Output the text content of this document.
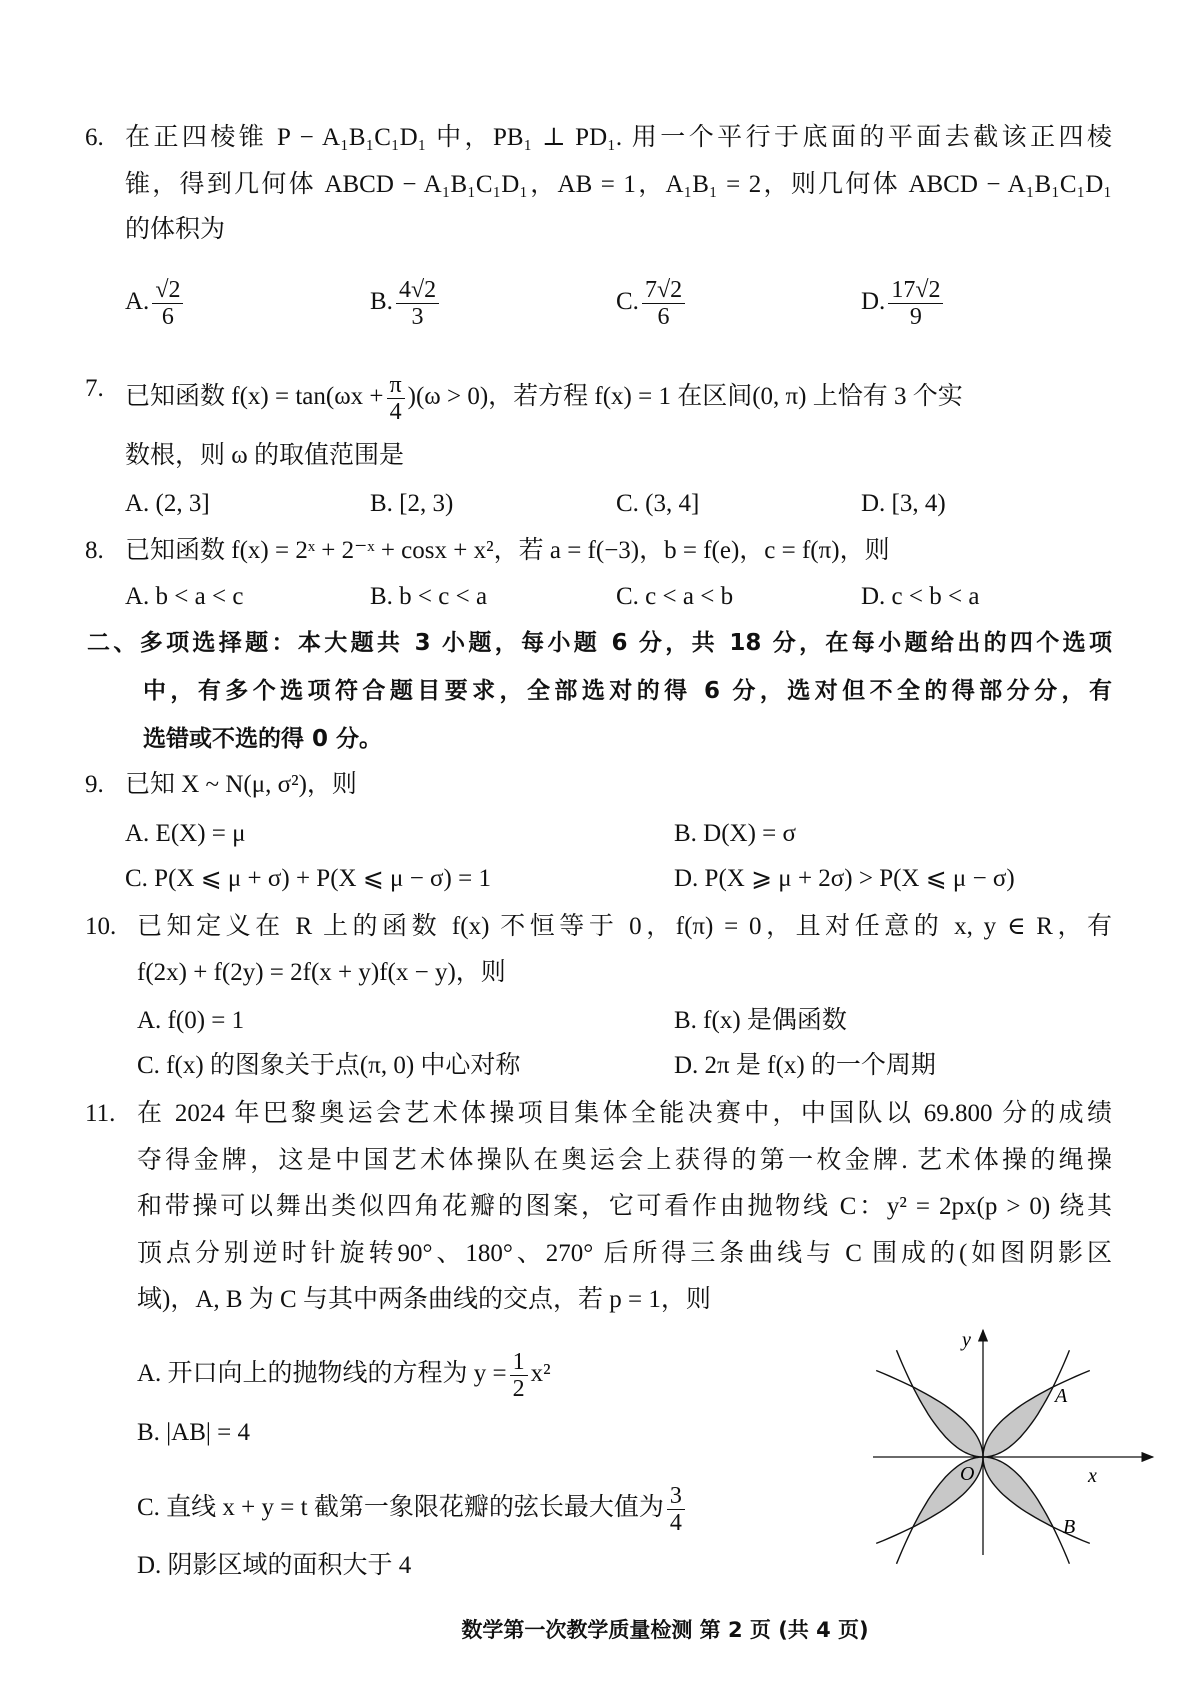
6. 在正四棱锥 P − A₁B₁C₁D₁ 中，PB₁ ⊥ PD₁. 用一个平行于底面的平面去截该正四棱
锥，得到几何体 ABCD − A₁B₁C₁D₁，AB = 1，A₁B₁ = 2，则几何体 ABCD − A₁B₁C₁D₁
的体积为
A. $\frac{√2}{6}$	B. $\frac{4√2}{3}$	C. $\frac{7√2}{6}$	D. $\frac{17√2}{9}$
7. 已知函数 $f(x) = \tan(\omega x + \frac{\pi}{4} )(\omega > 0)$，若方程 f(x) = 1 在区间(0, π) 上恰有 3 个实
数根，则 ω 的取值范围是
A. (2, 3]	B. [2, 3)	C. (3, 4]	D. [3, 4)
8. 已知函数 f(x) = 2ˣ + 2⁻ˣ + cosx + x²，若 a = f(−3)，b = f(e)，c = f(π)，则
A. b < a < c	B. b < c < a	C. c < a < b	D. c < b < a
二、多项选择题：本大题共 3 小题，每小题 6 分，共 18 分，在每小题给出的四个选项
中，有多个选项符合题目要求，全部选对的得 6 分，选对但不全的得部分分，有
选错或不选的得 0 分。
9. 已知 X ~ N(μ, σ²)，则
A. E(X) = μ	B. D(X) = σ
C. P(X ⩽ μ + σ) + P(X ⩽ μ − σ) = 1	D. P(X ⩾ μ + 2σ) > P(X ⩽ μ − σ)
10. 已知定义在 R 上的函数 f(x) 不恒等于 0，f(π) = 0，且对任意的 x, y ∈ R，有
f(2x) + f(2y) = 2f(x + y)f(x − y)，则
A. f(0) = 1	B. f(x) 是偶函数
C. f(x) 的图象关于点(π, 0) 中心对称	D. 2π 是 f(x) 的一个周期
11. 在 2024 年巴黎奥运会艺术体操项目集体全能决赛中，中国队以 69.800 分的成绩
夺得金牌，这是中国艺术体操队在奥运会上获得的第一枚金牌. 艺术体操的绳操
和带操可以舞出类似四角花瓣的图案，它可看作由抛物线 C：y² = 2px(p > 0) 绕其
顶点分别逆时针旋转90°、180°、270° 后所得三条曲线与 C 围成的(如图阴影区
域)，A, B 为 C 与其中两条曲线的交点，若 p = 1，则
A. 开口向上的抛物线的方程为 $y = \frac{1}{2} x^2$
B. |AB| = 4
C. 直线 x + y = t 截第一象限花瓣的弦长最大值为 $\frac{3}{4}$
D. 阴影区域的面积大于 4
y
x
O
A
B
数学第一次教学质量检测 第 2 页 (共 4 页)
